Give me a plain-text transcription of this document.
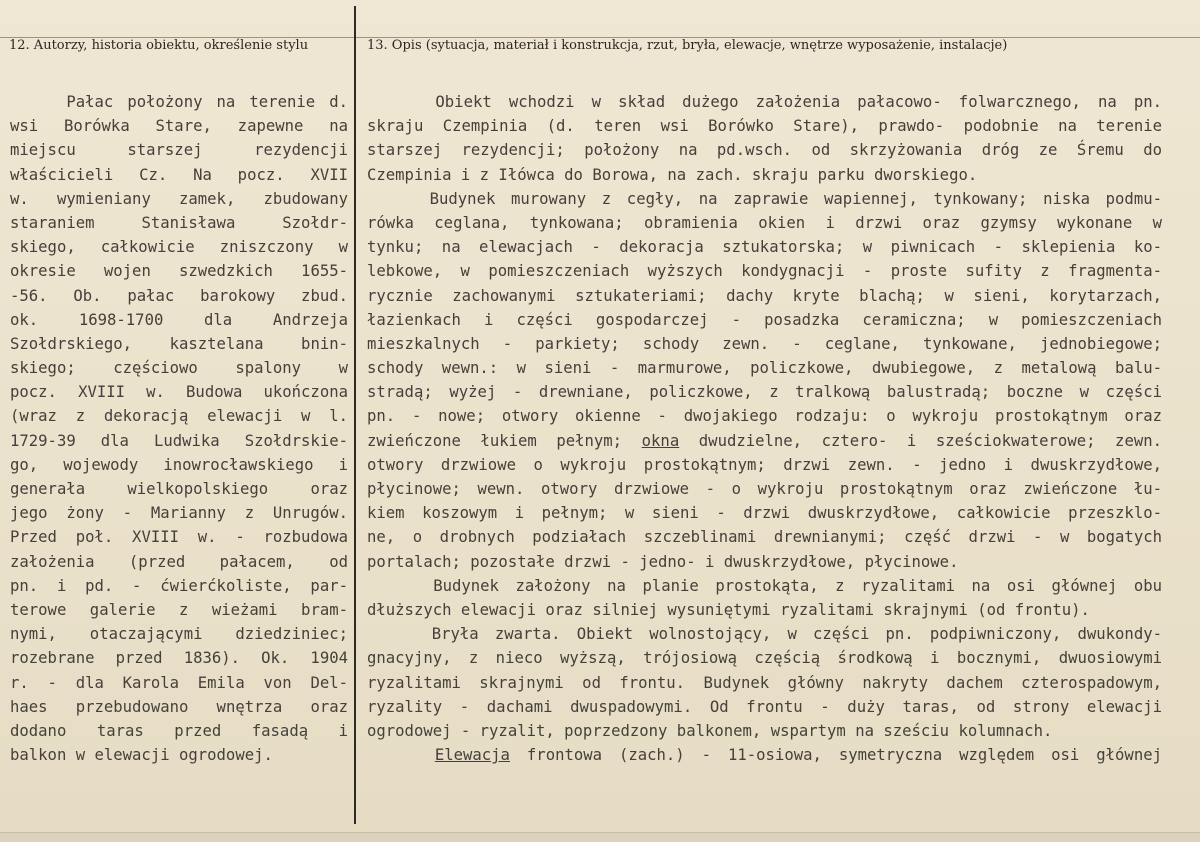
12. Autorzy, historia obiektu, określenie stylu	13. Opis (sytuacja, materiał i konstrukcja, rzut, bryła, elewacje, wnętrze wyposażenie, instalacje)
Pałac położony na terenie d.
wsi Borówka Stare, zapewne na
miejscu starszej rezydencji
właścicieli Cz. Na pocz. XVII
w. wymieniany zamek, zbudowany
staraniem Stanisława Szołdr-
skiego, całkowicie zniszczony w
okresie wojen szwedzkich 1655-
-56. Ob. pałac barokowy zbud.
ok. 1698-1700 dla Andrzeja
Szołdrskiego, kasztelana bnin-
skiego; częściowo spalony w
pocz. XVIII w. Budowa ukończona
(wraz z dekoracją elewacji w l.
1729-39 dla Ludwika Szołdrskie-
go, wojewody inowrocławskiego i
generała wielkopolskiego oraz
jego żony - Marianny z Unrugów.
Przed poł. XVIII w. - rozbudowa
założenia (przed pałacem, od
pn. i pd. - ćwierćkoliste, par-
terowe galerie z wieżami bram-
nymi, otaczającymi dziedziniec;
rozebrane przed 1836). Ok. 1904
r. - dla Karola Emila von Del-
haes przebudowano wnętrza oraz
dodano taras przed fasadą i
balkon w elewacji ogrodowej.
Obiekt wchodzi w skład dużego założenia pałacowo- folwarcznego, na pn.
skraju Czempinia (d. teren wsi Borówko Stare), prawdo- podobnie na terenie
starszej rezydencji; położony na pd.wsch. od skrzyżowania dróg ze Śremu do
Czempinia i z Iłówca do Borowa, na zach. skraju parku dworskiego.
Budynek murowany z cegły, na zaprawie wapiennej, tynkowany; niska podmu-
rówka ceglana, tynkowana; obramienia okien i drzwi oraz gzymsy wykonane w
tynku; na elewacjach - dekoracja sztukatorska; w piwnicach - sklepienia ko-
lebkowe, w pomieszczeniach wyższych kondygnacji - proste sufity z fragmenta-
rycznie zachowanymi sztukateriami; dachy kryte blachą; w sieni, korytarzach,
łazienkach i części gospodarczej - posadzka ceramiczna; w pomieszczeniach
mieszkalnych - parkiety; schody zewn. - ceglane, tynkowane, jednobiegowe;
schody wewn.: w sieni - marmurowe, policzkowe, dwubiegowe, z metalową balu-
stradą; wyżej - drewniane, policzkowe, z tralkową balustradą; boczne w części
pn. - nowe; otwory okienne - dwojakiego rodzaju: o wykroju prostokątnym oraz
zwieńczone łukiem pełnym; okna dwudzielne, cztero- i sześciokwaterowe; zewn.
otwory drzwiowe o wykroju prostokątnym; drzwi zewn. - jedno i dwuskrzydłowe,
płycinowe; wewn. otwory drzwiowe - o wykroju prostokątnym oraz zwieńczone łu-
kiem koszowym i pełnym; w sieni - drzwi dwuskrzydłowe, całkowicie przeszklo-
ne, o drobnych podziałach szczeblinami drewnianymi; część drzwi - w bogatych
portalach; pozostałe drzwi - jedno- i dwuskrzydłowe, płycinowe.
Budynek założony na planie prostokąta, z ryzalitami na osi głównej obu
dłuższych elewacji oraz silniej wysuniętymi ryzalitami skrajnymi (od frontu).
Bryła zwarta. Obiekt wolnostojący, w części pn. podpiwniczony, dwukondy-
gnacyjny, z nieco wyższą, trójosiową częścią środkową i bocznymi, dwuosiowymi
ryzalitami skrajnymi od frontu. Budynek główny nakryty dachem czterospadowym,
ryzality - dachami dwuspadowymi. Od frontu - duży taras, od strony elewacji
ogrodowej - ryzalit, poprzedzony balkonem, wspartym na sześciu kolumnach.
Elewacja frontowa (zach.) - 11-osiowa, symetryczna względem osi głównej
